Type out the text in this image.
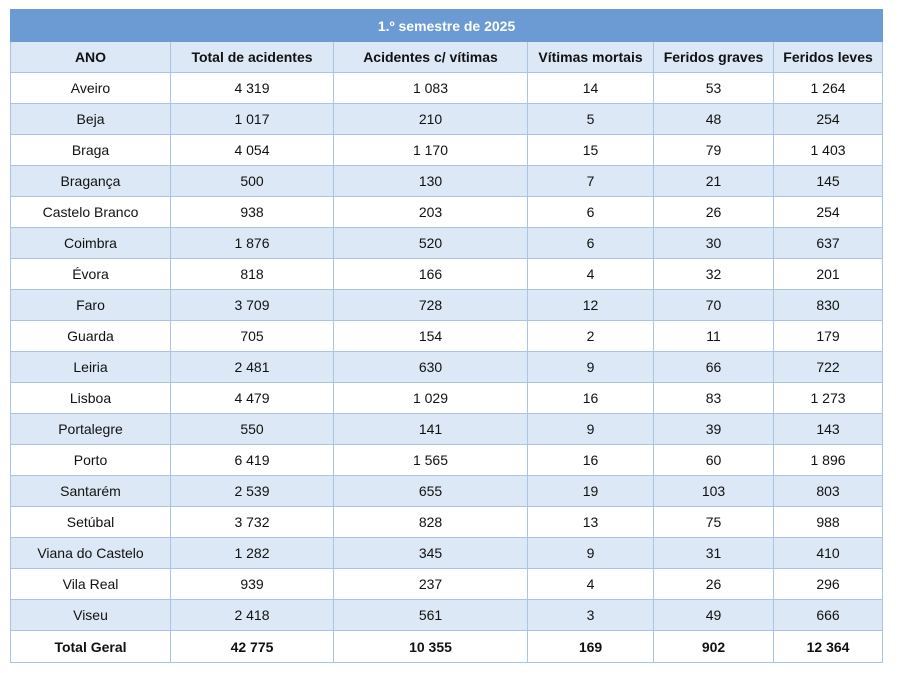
1.º semestre de 2025					
ANO	Total de acidentes	Acidentes c/ vítimas	Vítimas mortais	Feridos graves	Feridos leves
Aveiro	4 319	1 083	14	53	1 264
Beja	1 017	210	5	48	254
Braga	4 054	1 170	15	79	1 403
Bragança	500	130	7	21	145
Castelo Branco	938	203	6	26	254
Coimbra	1 876	520	6	30	637
Évora	818	166	4	32	201
Faro	3 709	728	12	70	830
Guarda	705	154	2	11	179
Leiria	2 481	630	9	66	722
Lisboa	4 479	1 029	16	83	1 273
Portalegre	550	141	9	39	143
Porto	6 419	1 565	16	60	1 896
Santarém	2 539	655	19	103	803
Setúbal	3 732	828	13	75	988
Viana do Castelo	1 282	345	9	31	410
Vila Real	939	237	4	26	296
Viseu	2 418	561	3	49	666
Total Geral	42 775	10 355	169	902	12 364
